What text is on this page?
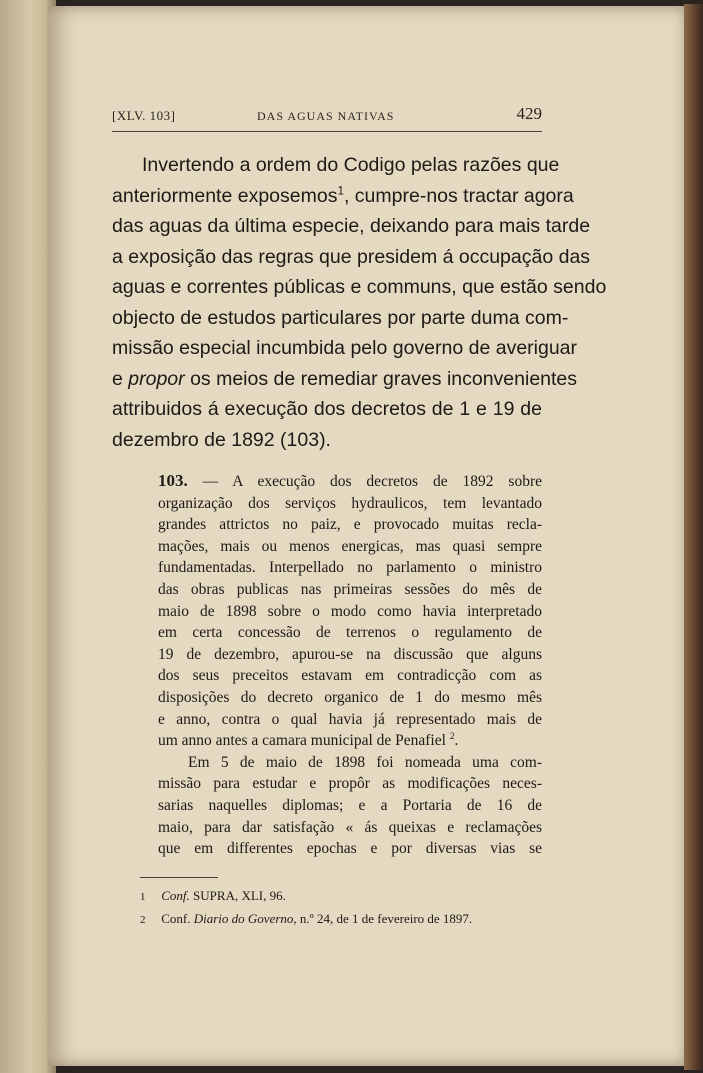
[XLV. 103]	DAS AGUAS NATIVAS	429
Invertendo a ordem do Codigo pelas razões que
anteriormente exposemos$^1$, cumpre-nos tractar agora
das aguas da última especie, deixando para mais tarde
a exposição das regras que presidem á occupação das
aguas e correntes públicas e communs, que estão sendo
objecto de estudos particulares por parte duma com-
missão especial incumbida pelo governo de averiguar
e propor os meios de remediar graves inconvenientes
attribuidos á execução dos decretos de 1 e 19 de
dezembro de 1892 (103).
103. — A execução dos decretos de 1892 sobre
organização dos serviços hydraulicos, tem levantado
grandes attrictos no paiz, e provocado muitas recla-
mações, mais ou menos energicas, mas quasi sempre
fundamentadas. Interpellado no parlamento o ministro
das obras publicas nas primeiras sessões do mês de
maio de 1898 sobre o modo como havia interpretado
em certa concessão de terrenos o regulamento de
19 de dezembro, apurou-se na discussão que alguns
dos seus preceitos estavam em contradicção com as
disposições do decreto organico de 1 do mesmo mês
e anno, contra o qual havia já representado mais de
um anno antes a camara municipal de Penafiel $^2$.
Em 5 de maio de 1898 foi nomeada uma com-
missão para estudar e propôr as modificações neces-
sarias naquelles diplomas; e a Portaria de 16 de
maio, para dar satisfação « ás queixas e reclamações
que em differentes epochas e por diversas vias se
1 Conf. SUPRA, XLI, 96.
2 Conf. Diario do Governo, n.º 24, de 1 de fevereiro de 1897.
